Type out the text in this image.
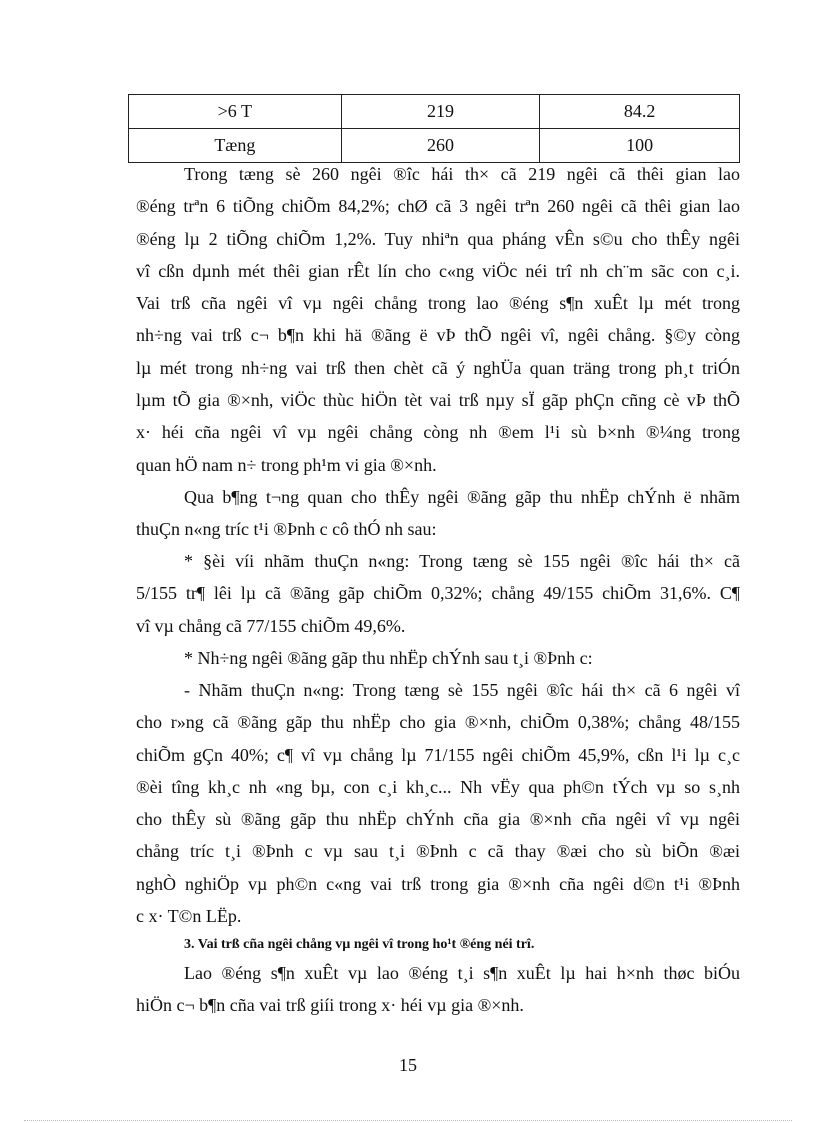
>6 T	219	84.2
Tæng	260	100
Trong tæng sè 260 ngêi ®îc hái th× cã 219 ngêi cã thêi gian lao
®éng trªn 6 tiÕng chiÕm 84,2%; chØ cã 3 ngêi trªn 260 ngêi cã thêi gian lao
®éng lµ 2 tiÕng chiÕm 1,2%. Tuy nhiªn qua pháng vÊn s©u cho thÊy ngêi
vî cßn dµnh mét thêi gian rÊt lín cho c«ng viÖc néi trî nh ch¨m sãc con c¸i.
Vai trß cña ngêi vî vµ ngêi chång trong lao ®éng s¶n xuÊt lµ mét trong
nh÷ng vai trß c¬ b¶n khi hä ®ãng ë vÞ thÕ ngêi vî, ngêi chång. §©y còng
lµ mét trong nh÷ng vai trß then chèt cã ý nghÜa quan träng trong ph¸t triÓn
lµm tÕ gia ®×nh, viÖc thùc hiÖn tèt vai trß nµy sÏ gãp phÇn cñng cè vÞ thÕ
x· héi cña ngêi vî vµ ngêi chång còng nh ®em l¹i sù b×nh ®¼ng trong
quan hÖ nam n÷ trong ph¹m vi gia ®×nh.
Qua b¶ng t¬ng quan cho thÊy ngêi ®ãng gãp thu nhËp chÝnh ë nhãm
thuÇn n«ng tríc t¹i ®Þnh c cô thÓ nh sau:
* §èi víi nhãm thuÇn n«ng: Trong tæng sè 155 ngêi ®îc hái th× cã
5/155 tr¶ lêi lµ cã ®ãng gãp chiÕm 0,32%; chång 49/155 chiÕm 31,6%. C¶
vî vµ chång cã 77/155 chiÕm 49,6%.
* Nh÷ng ngêi ®ãng gãp thu nhËp chÝnh sau t¸i ®Þnh c:
- Nhãm thuÇn n«ng: Trong tæng sè 155 ngêi ®îc hái th× cã 6 ngêi vî
cho r»ng cã ®ãng gãp thu nhËp cho gia ®×nh, chiÕm 0,38%; chång 48/155
chiÕm gÇn 40%; c¶ vî vµ chång lµ 71/155 ngêi chiÕm 45,9%, cßn l¹i lµ c¸c
®èi tîng kh¸c nh «ng bµ, con c¸i kh¸c... Nh vËy qua ph©n tÝch vµ so s¸nh
cho thÊy sù ®ãng gãp thu nhËp chÝnh cña gia ®×nh cña ngêi vî vµ ngêi
chång tríc t¸i ®Þnh c vµ sau t¸i ®Þnh c cã thay ®æi cho sù biÕn ®æi
nghÒ nghiÖp vµ ph©n c«ng vai trß trong gia ®×nh cña ngêi d©n t¹i ®Þnh
c x· T©n LËp.
3. Vai trß cña ngêi chång vµ ngêi vî trong ho¹t ®éng néi trî.
Lao ®éng s¶n xuÊt vµ lao ®éng t¸i s¶n xuÊt lµ hai h×nh thøc biÓu
hiÖn c¬ b¶n cña vai trß giíi trong x· héi vµ gia ®×nh.
15
